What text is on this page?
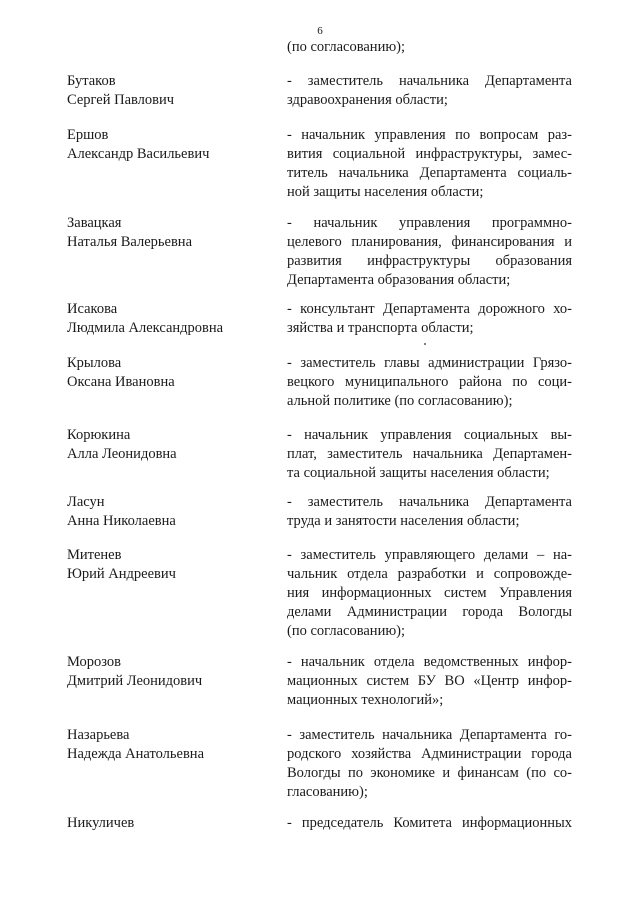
6
(по согласованию);
Бутаков
Сергей Павлович
- заместитель начальника Департамента
здравоохранения области;
Ершов
Александр Васильевич
- начальник управления по вопросам раз-
вития социальной инфраструктуры, замес-
титель начальника Департамента социаль-
ной защиты населения области;
Завацкая
Наталья Валерьевна
- начальник управления программно-
целевого планирования, финансирования и
развития инфраструктуры образования
Департамента образования области;
Исакова
Людмила Александровна
- консультант Департамента дорожного хо-
зяйства и транспорта области;
Крылова
Оксана Ивановна
- заместитель главы администрации Грязо-
вецкого муниципального района по соци-
альной политике (по согласованию);
Корюкина
Алла Леонидовна
- начальник управления социальных вы-
плат, заместитель начальника Департамен-
та социальной защиты населения области;
Ласун
Анна Николаевна
- заместитель начальника Департамента
труда и занятости населения области;
Митенев
Юрий Андреевич
- заместитель управляющего делами – на-
чальник отдела разработки и сопровожде-
ния информационных систем Управления
делами Администрации города Вологды
(по согласованию);
Морозов
Дмитрий Леонидович
- начальник отдела ведомственных инфор-
мационных систем БУ ВО «Центр инфор-
мационных технологий»;
Назарьева
Надежда Анатольевна
- заместитель начальника Департамента го-
родского хозяйства Администрации города
Вологды по экономике и финансам (по со-
гласованию);
Никуличев	- председатель Комитета информационных
